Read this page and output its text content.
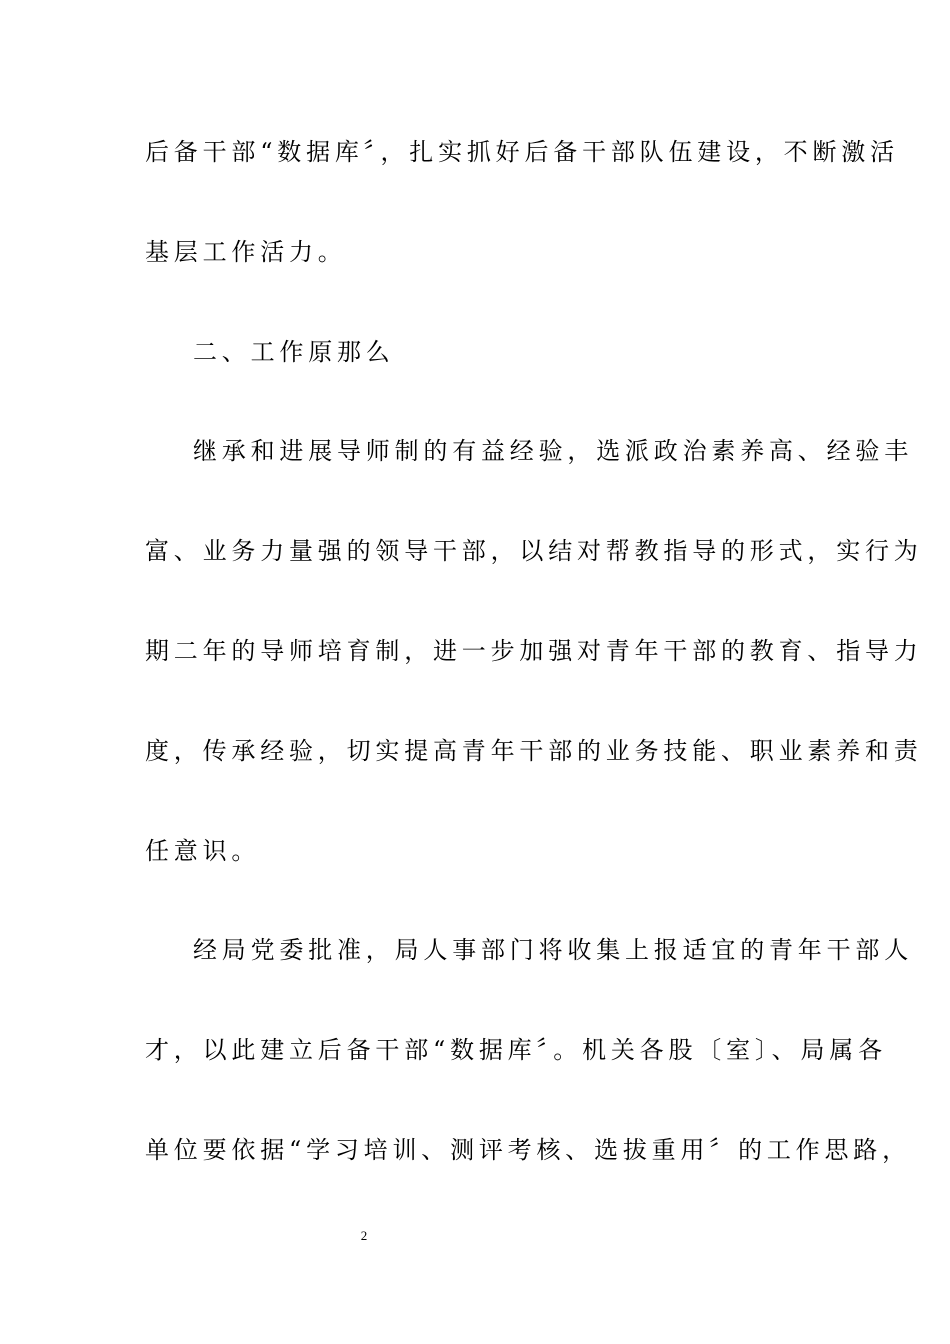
后备干部“数据库〞，扎实抓好后备干部队伍建设，不断激活
基层工作活力。
二、工作原那么
继承和进展导师制的有益经验，选派政治素养高、经验丰
富、业务力量强的领导干部，以结对帮教指导的形式，实行为
期二年的导师培育制，进一步加强对青年干部的教育、指导力
度，传承经验，切实提高青年干部的业务技能、职业素养和责
任意识。
经局党委批准，局人事部门将收集上报适宜的青年干部人
才，以此建立后备干部“数据库〞。机关各股〔室〕、局属各
单位要依据“学习培训、测评考核、选拔重用〞的工作思路，
2
